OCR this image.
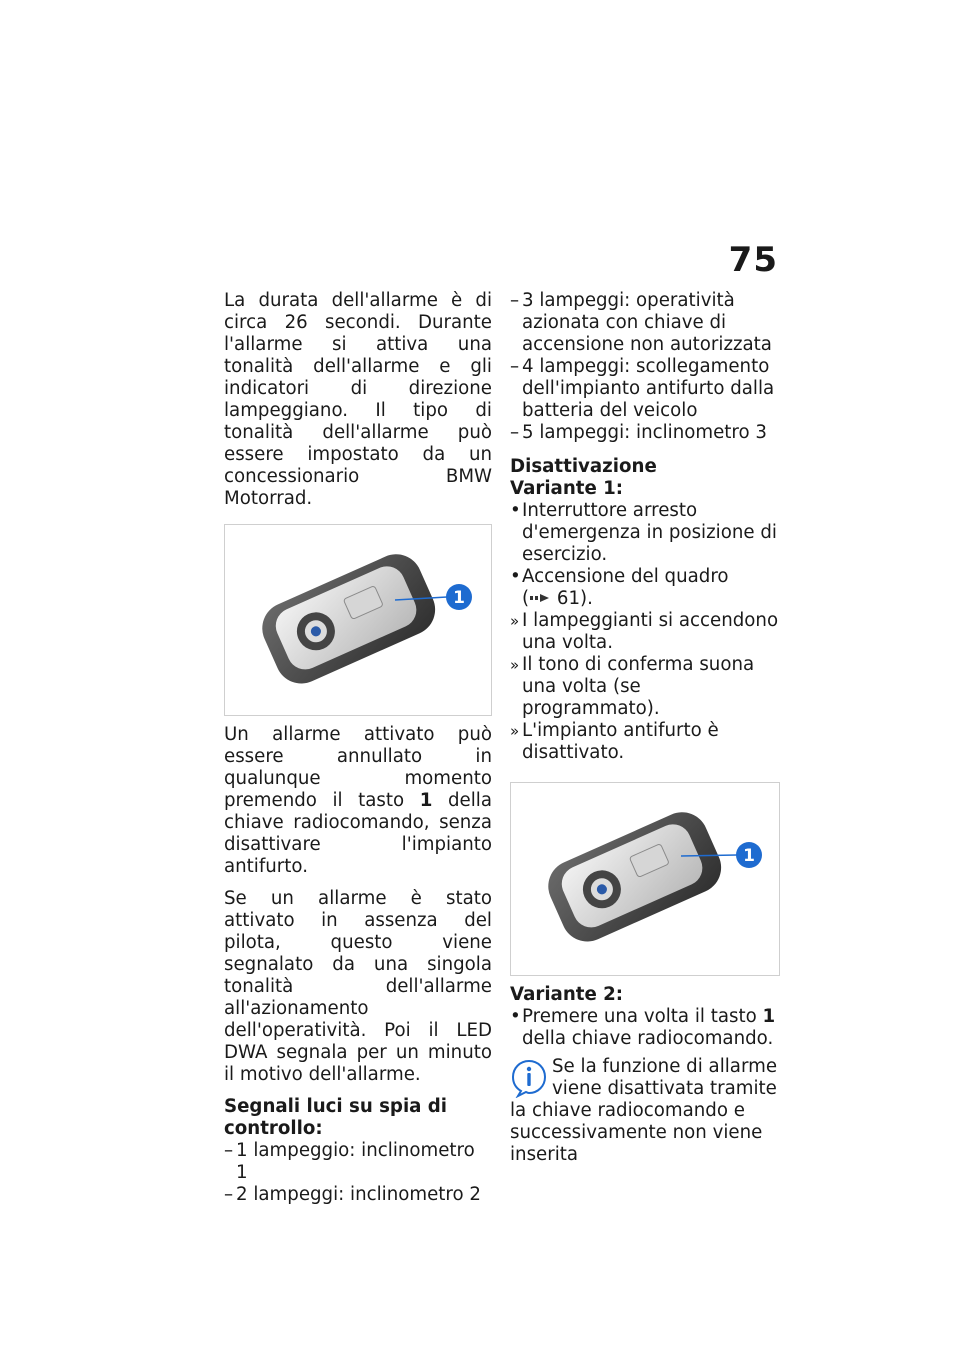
75

La durata dell'allarme è di circa 26 secondi. Durante l'allarme si attiva una tonalità dell'allarme e gli indicatori di direzione lampeggiano. Il tipo di tonalità dell'allarme può essere impostato da un concessionario BMW Motorrad.

1

Un allarme attivato può essere annullato in qualunque momento premendo il tasto 1 della chiave radiocomando, senza disattivare l'impianto antifurto.

Se un allarme è stato attivato in assenza del pilota, questo viene segnalato da una singola tonalità dell'allarme all'azionamento dell'operatività. Poi il LED DWA segnala per un minuto il motivo dell'allarme.

Segnali luci su spia di controllo:

– 1 lampeggio: inclinometro 1
– 2 lampeggi: inclinometro 2
– 3 lampeggi: operatività azionata con chiave di accensione non autorizzata
– 4 lampeggi: scollegamento dell'impianto antifurto dalla batteria del veicolo
– 5 lampeggi: inclinometro 3

Disattivazione

Variante 1:

• Interruttore arresto d'emergenza in posizione di esercizio.
• Accensione del quadro
( 61).
» I lampeggianti si accendono una volta.
» Il tono di conferma suona una volta (se programmato).
» L'impianto antifurto è disattivato.
1

Variante 2:

• Premere una volta il tasto 1 della chiave radiocomando.

Se la funzione di allarme

viene disattivata tramite

la chiave radiocomando e successivamente non viene inserita
